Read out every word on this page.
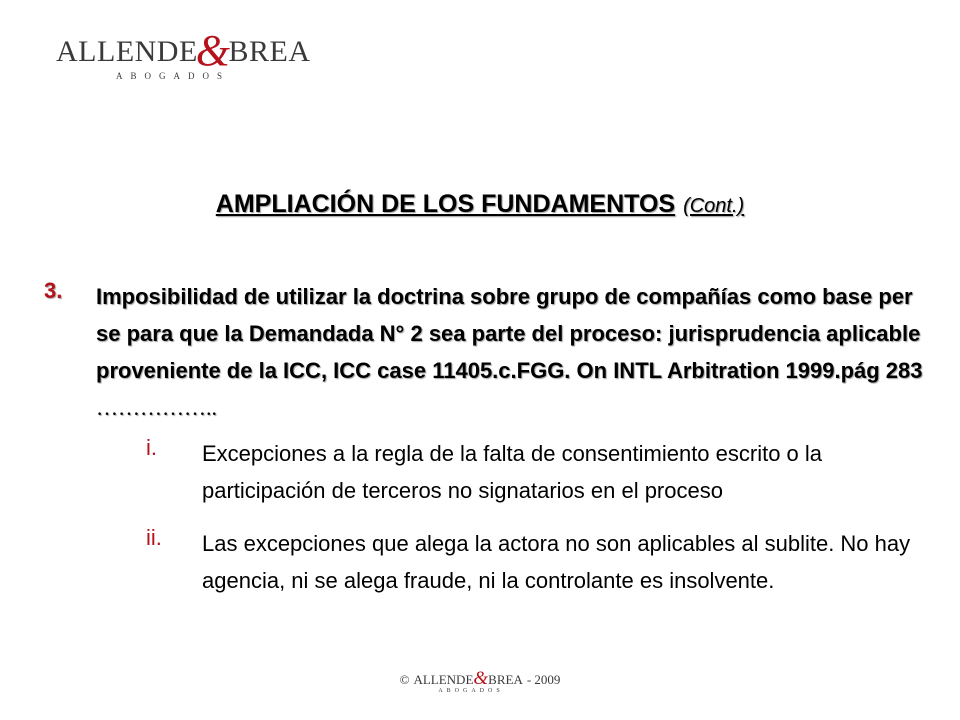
ALLENDE&BREA
ABOGADOS
AMPLIACIÓN DE LOS FUNDAMENTOS (Cont.)
3. Imposibilidad de utilizar la doctrina sobre grupo de compañías como base per se para que la Demandada N° 2 sea parte del proceso: jurisprudencia aplicable proveniente de la ICC, ICC case 11405.c.FGG. On INTL Arbitration 1999.pág 283 ……………..
i. Excepciones a la regla de la falta de consentimiento escrito o la participación de terceros no signatarios en el proceso
ii. Las excepciones que alega la actora no son aplicables al sublite. No hay agencia, ni se alega fraude, ni la controlante es insolvente.
© ALLENDE&BREA - 2009
ABOGADOS
